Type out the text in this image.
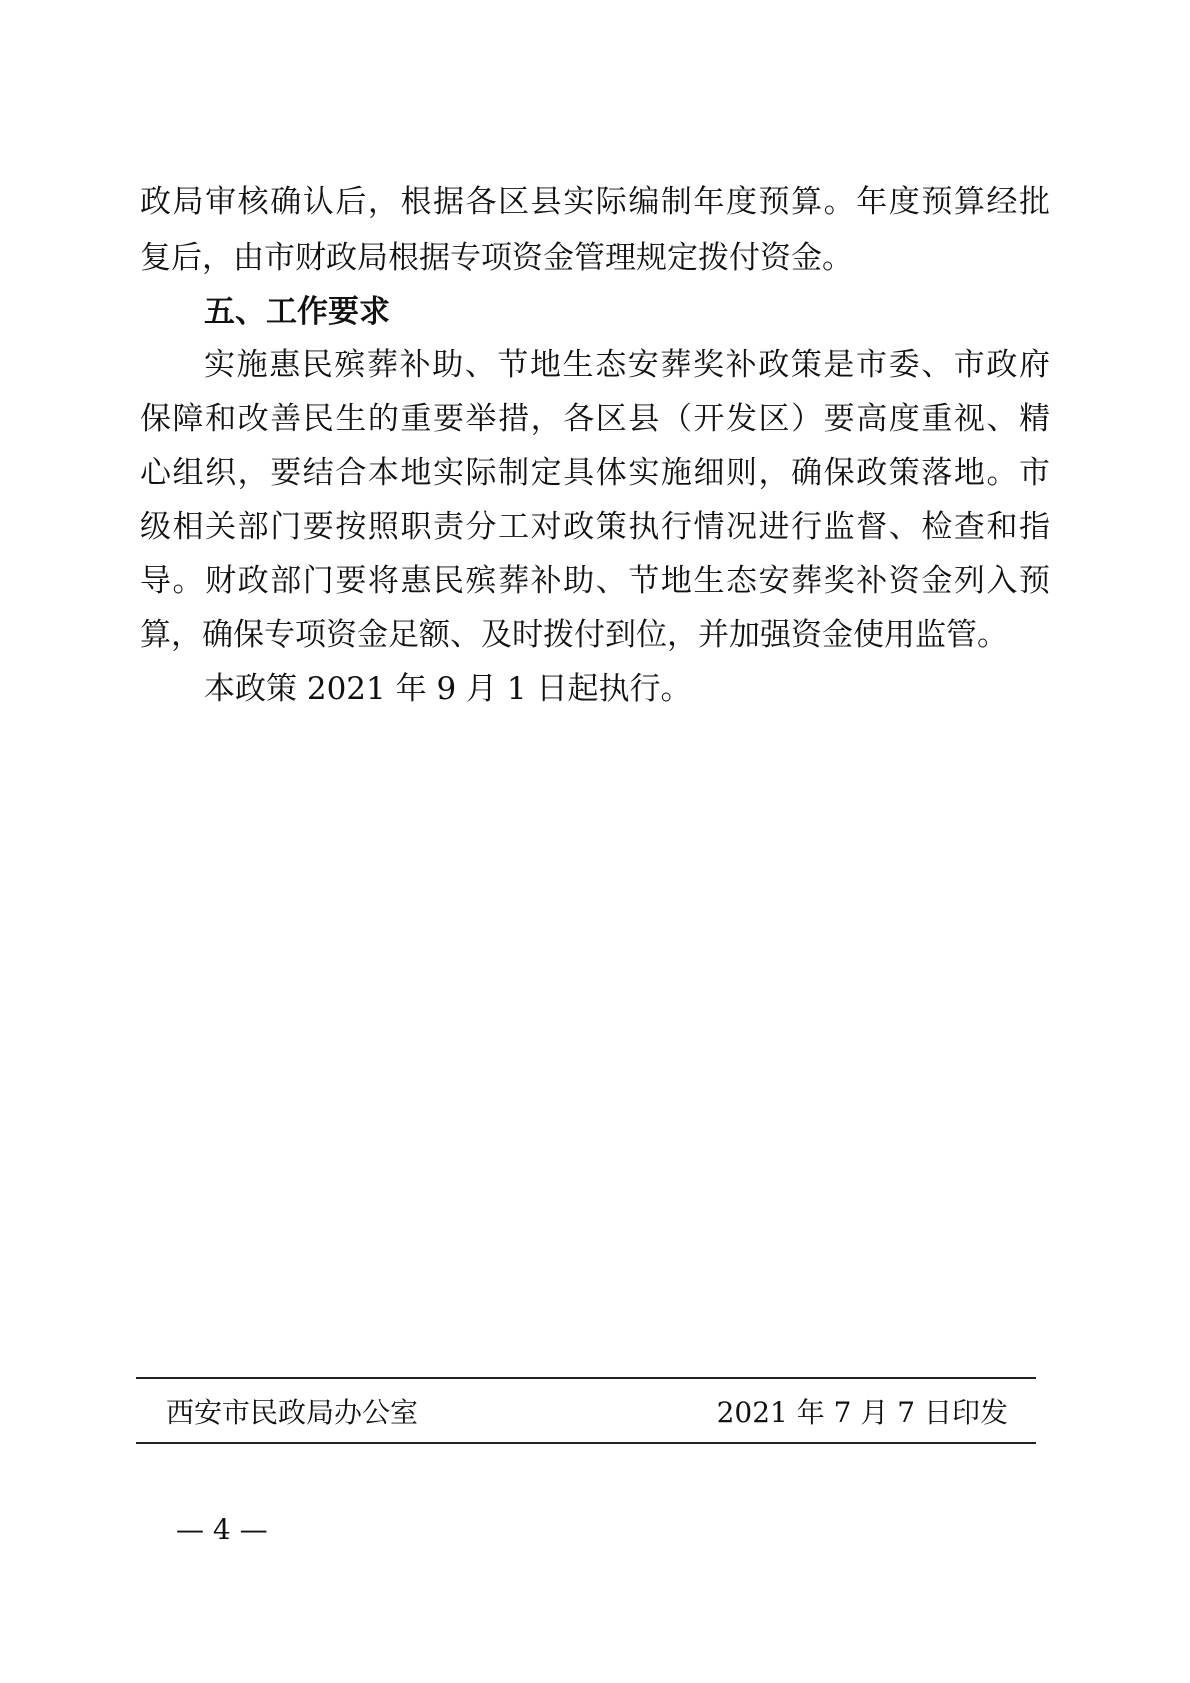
政局审核确认后，根据各区县实际编制年度预算。年度预算经批
复后，由市财政局根据专项资金管理规定拨付资金。
五、工作要求
实施惠民殡葬补助、节地生态安葬奖补政策是市委、市政府
保障和改善民生的重要举措，各区县（开发区）要高度重视、精
心组织，要结合本地实际制定具体实施细则，确保政策落地。市
级相关部门要按照职责分工对政策执行情况进行监督、检查和指
导。财政部门要将惠民殡葬补助、节地生态安葬奖补资金列入预
算，确保专项资金足额、及时拨付到位，并加强资金使用监管。
本政策 2021 年 9 月 1 日起执行。
西安市民政局办公室	2021 年 7 月 7 日印发
— 4 —
